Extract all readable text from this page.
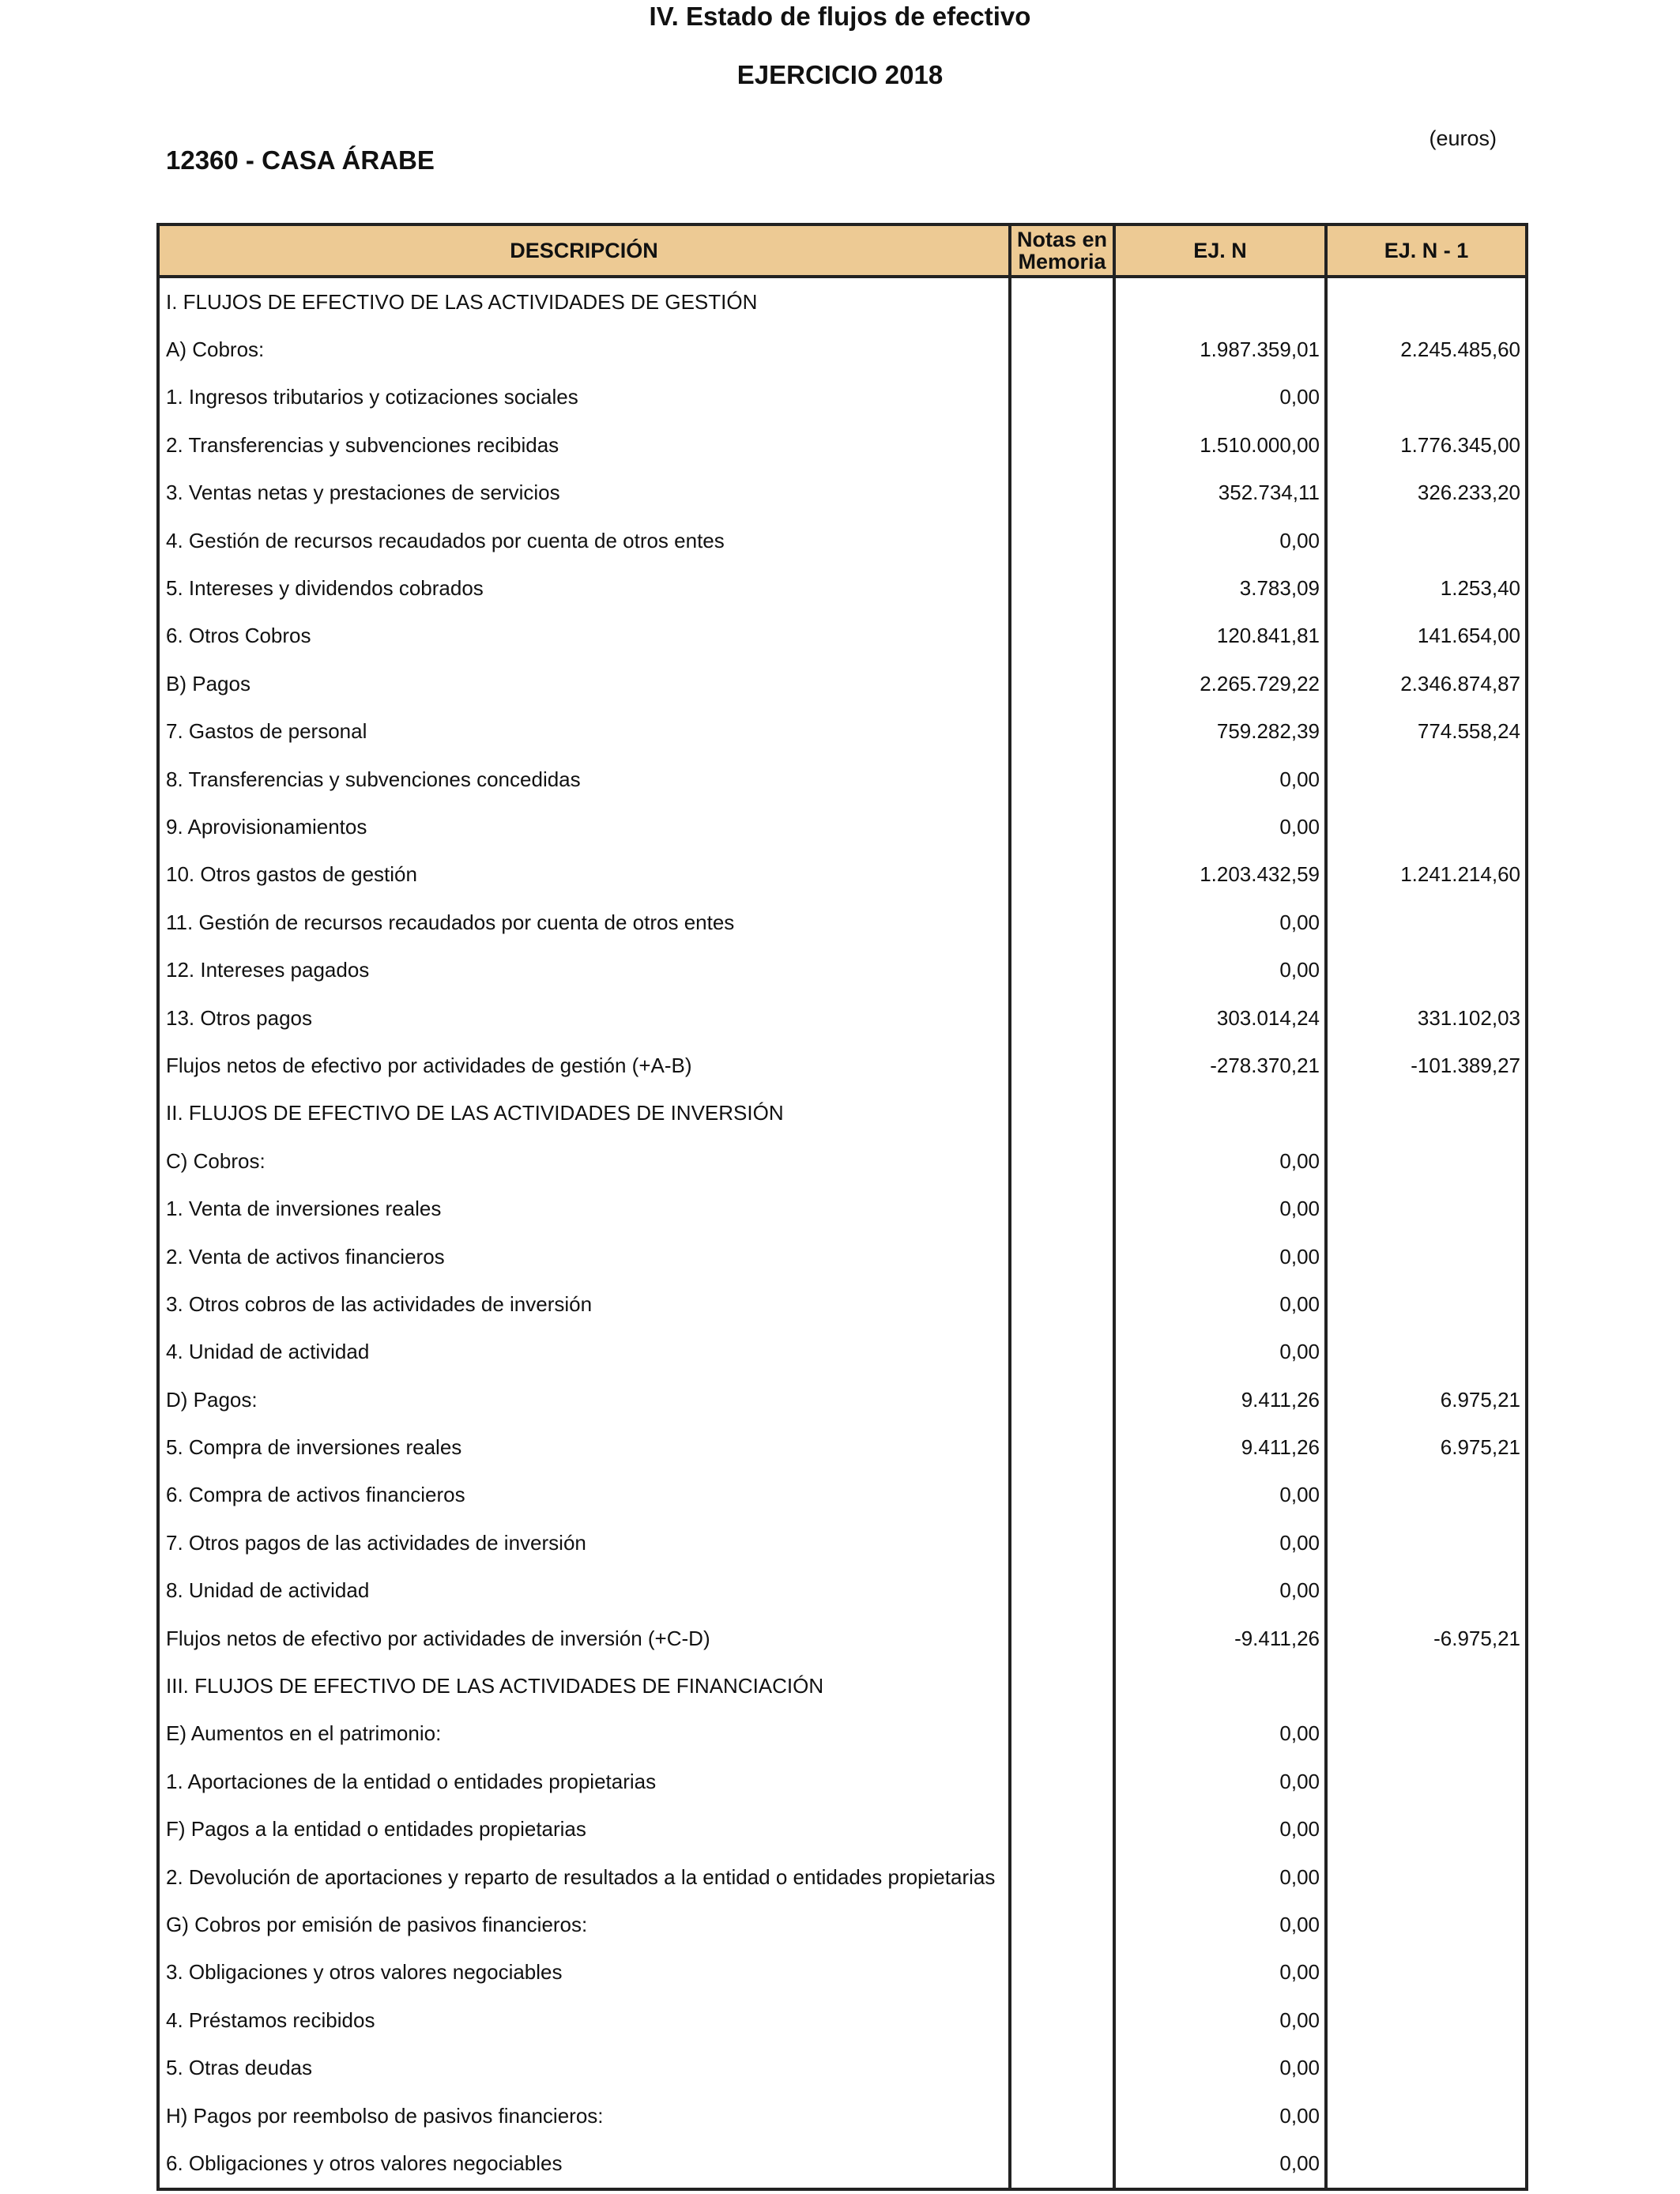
IV. Estado de flujos de efectivo
EJERCICIO 2018
(euros)
12360 - CASA ÁRABE
DESCRIPCIÓN	Notas en Memoria	EJ. N	EJ. N - 1
I. FLUJOS DE EFECTIVO DE LAS ACTIVIDADES DE GESTIÓN			
A) Cobros:		1.987.359,01	2.245.485,60
1. Ingresos tributarios y cotizaciones sociales		0,00	
2. Transferencias y subvenciones recibidas		1.510.000,00	1.776.345,00
3. Ventas netas y prestaciones de servicios		352.734,11	326.233,20
4. Gestión de recursos recaudados por cuenta de otros entes		0,00	
5. Intereses y dividendos cobrados		3.783,09	1.253,40
6. Otros Cobros		120.841,81	141.654,00
B) Pagos		2.265.729,22	2.346.874,87
7. Gastos de personal		759.282,39	774.558,24
8. Transferencias y subvenciones concedidas		0,00	
9. Aprovisionamientos		0,00	
10. Otros gastos de gestión		1.203.432,59	1.241.214,60
11. Gestión de recursos recaudados por cuenta de otros entes		0,00	
12. Intereses pagados		0,00	
13. Otros pagos		303.014,24	331.102,03
Flujos netos de efectivo por actividades de gestión (+A-B)		-278.370,21	-101.389,27
II. FLUJOS DE EFECTIVO DE LAS ACTIVIDADES DE INVERSIÓN			
C) Cobros:		0,00	
1. Venta de inversiones reales		0,00	
2. Venta de activos financieros		0,00	
3. Otros cobros de las actividades de inversión		0,00	
4. Unidad de actividad		0,00	
D) Pagos:		9.411,26	6.975,21
5. Compra de inversiones reales		9.411,26	6.975,21
6. Compra de activos financieros		0,00	
7. Otros pagos de las actividades de inversión		0,00	
8. Unidad de actividad		0,00	
Flujos netos de efectivo por actividades de inversión (+C-D)		-9.411,26	-6.975,21
III. FLUJOS DE EFECTIVO DE LAS ACTIVIDADES DE FINANCIACIÓN			
E) Aumentos en el patrimonio:		0,00	
1. Aportaciones de la entidad o entidades propietarias		0,00	
F) Pagos a la entidad o entidades propietarias		0,00	
2. Devolución de aportaciones y reparto de resultados a la entidad o entidades propietarias		0,00	
G) Cobros por emisión de pasivos financieros:		0,00	
3. Obligaciones y otros valores negociables		0,00	
4. Préstamos recibidos		0,00	
5. Otras deudas		0,00	
H) Pagos por reembolso de pasivos financieros:		0,00	
6. Obligaciones y otros valores negociables		0,00	
